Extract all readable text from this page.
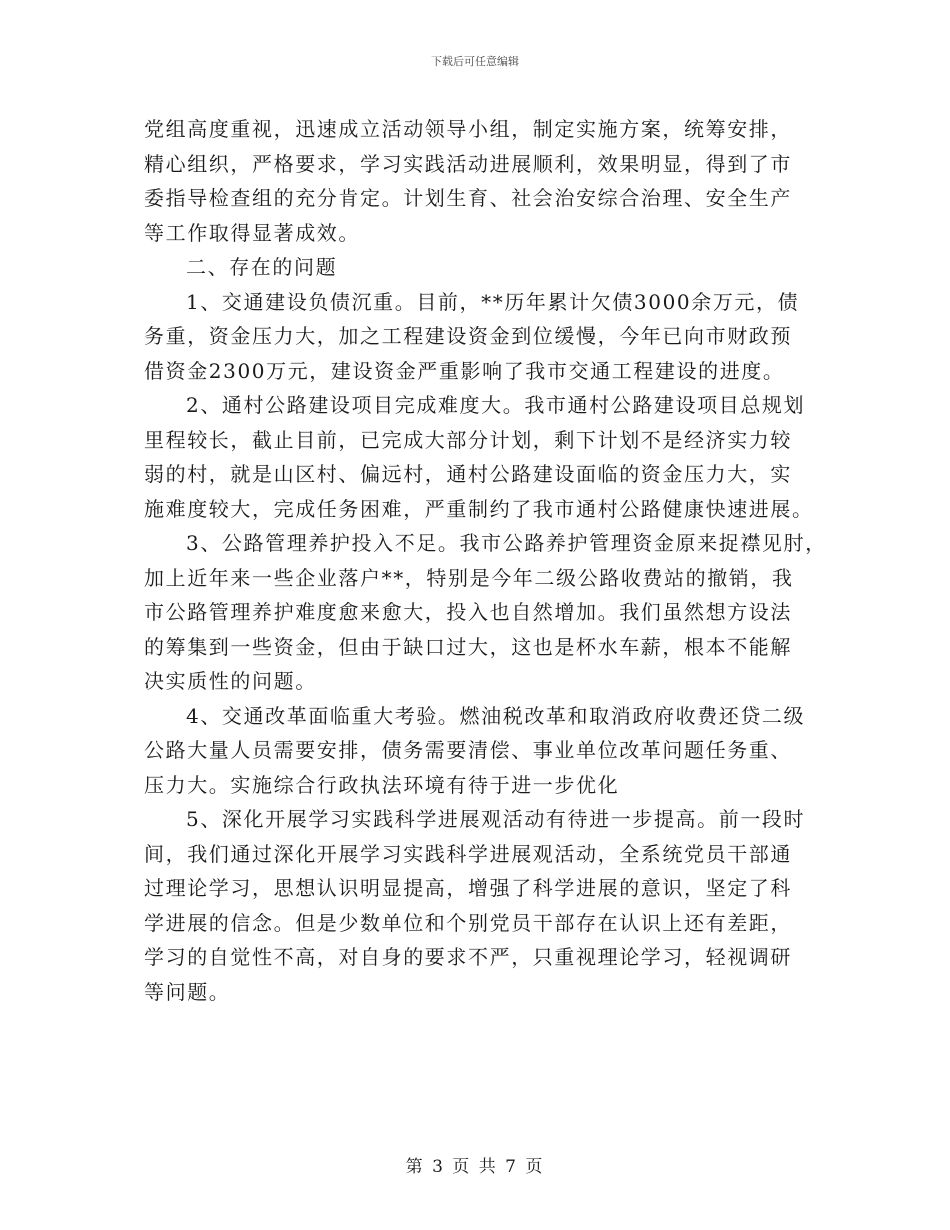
下载后可任意编辑
党组高度重视，迅速成立活动领导小组，制定实施方案，统筹安排，
精心组织，严格要求，学习实践活动进展顺利，效果明显，得到了市
委指导检查组的充分肯定。计划生育、社会治安综合治理、安全生产
等工作取得显著成效。
二、存在的问题
1、交通建设负债沉重。目前，**历年累计欠债3000余万元，债
务重，资金压力大，加之工程建设资金到位缓慢，今年已向市财政预
借资金2300万元，建设资金严重影响了我市交通工程建设的进度。
2、通村公路建设项目完成难度大。我市通村公路建设项目总规划
里程较长，截止目前，已完成大部分计划，剩下计划不是经济实力较
弱的村，就是山区村、偏远村，通村公路建设面临的资金压力大，实
施难度较大，完成任务困难，严重制约了我市通村公路健康快速进展。
3、公路管理养护投入不足。我市公路养护管理资金原来捉襟见肘，
加上近年来一些企业落户**，特别是今年二级公路收费站的撤销，我
市公路管理养护难度愈来愈大，投入也自然增加。我们虽然想方设法
的筹集到一些资金，但由于缺口过大，这也是杯水车薪，根本不能解
决实质性的问题。
4、交通改革面临重大考验。燃油税改革和取消政府收费还贷二级
公路大量人员需要安排，债务需要清偿、事业单位改革问题任务重、
压力大。实施综合行政执法环境有待于进一步优化
5、深化开展学习实践科学进展观活动有待进一步提高。前一段时
间，我们通过深化开展学习实践科学进展观活动，全系统党员干部通
过理论学习，思想认识明显提高，增强了科学进展的意识，坚定了科
学进展的信念。但是少数单位和个别党员干部存在认识上还有差距，
学习的自觉性不高，对自身的要求不严，只重视理论学习，轻视调研
等问题。
第 3 页 共 7 页
